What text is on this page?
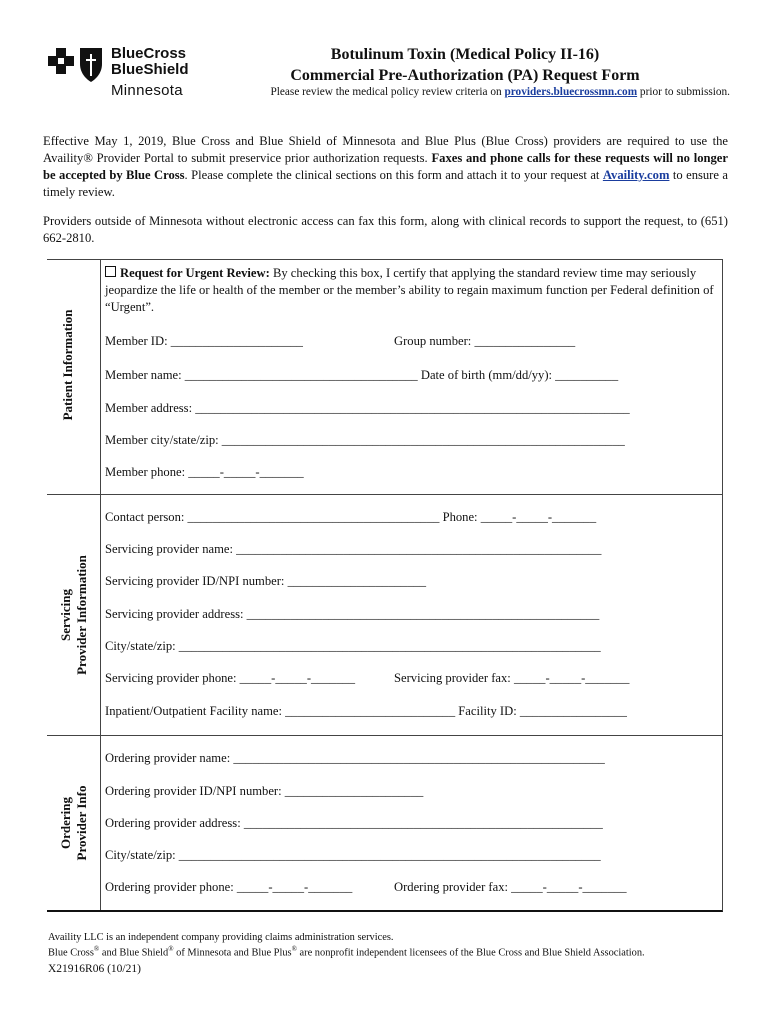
BlueCross
BlueShield
Minnesota
Botulinum Toxin (Medical Policy II-16)
Commercial Pre-Authorization (PA) Request Form
Please review the medical policy review criteria on providers.bluecrossmn.com prior to submission.
Effective May 1, 2019, Blue Cross and Blue Shield of Minnesota and Blue Plus (Blue Cross) providers are required to use the Availity® Provider Portal to submit preservice prior authorization requests. Faxes and phone calls for these requests will no longer be accepted by Blue Cross. Please complete the clinical sections on this form and attach it to your request at Availity.com to ensure a timely review.
Providers outside of Minnesota without electronic access can fax this form, along with clinical records to support the request, to (651) 662-2810.
Patient Information
Servicing Provider Information
Ordering Provider Info
Request for Urgent Review: By checking this box, I certify that applying the standard review time may seriously jeopardize the life or health of the member or the member’s ability to regain maximum function per Federal definition of “Urgent”.
Member ID: _____________________	Group number: ________________
Member name: _____________________________________ Date of birth (mm/dd/yy): __________
Member address: _____________________________________________________________________
Member city/state/zip: ________________________________________________________________
Member phone: _____-_____-_______
Contact person: ________________________________________ Phone: _____-_____-_______
Servicing provider name: __________________________________________________________
Servicing provider ID/NPI number: ______________________
Servicing provider address: ________________________________________________________
City/state/zip: ___________________________________________________________________
Servicing provider phone: _____-_____-_______	Servicing provider fax: _____-_____-_______
Inpatient/Outpatient Facility name: ___________________________ Facility ID: _________________
Ordering provider name: ___________________________________________________________
Ordering provider ID/NPI number: ______________________
Ordering provider address: _________________________________________________________
City/state/zip: ___________________________________________________________________
Ordering provider phone: _____-_____-_______	Ordering provider fax: _____-_____-_______
Availity LLC is an independent company providing claims administration services.
Blue Cross® and Blue Shield® of Minnesota and Blue Plus® are nonprofit independent licensees of the Blue Cross and Blue Shield Association.
X21916R06 (10/21)
